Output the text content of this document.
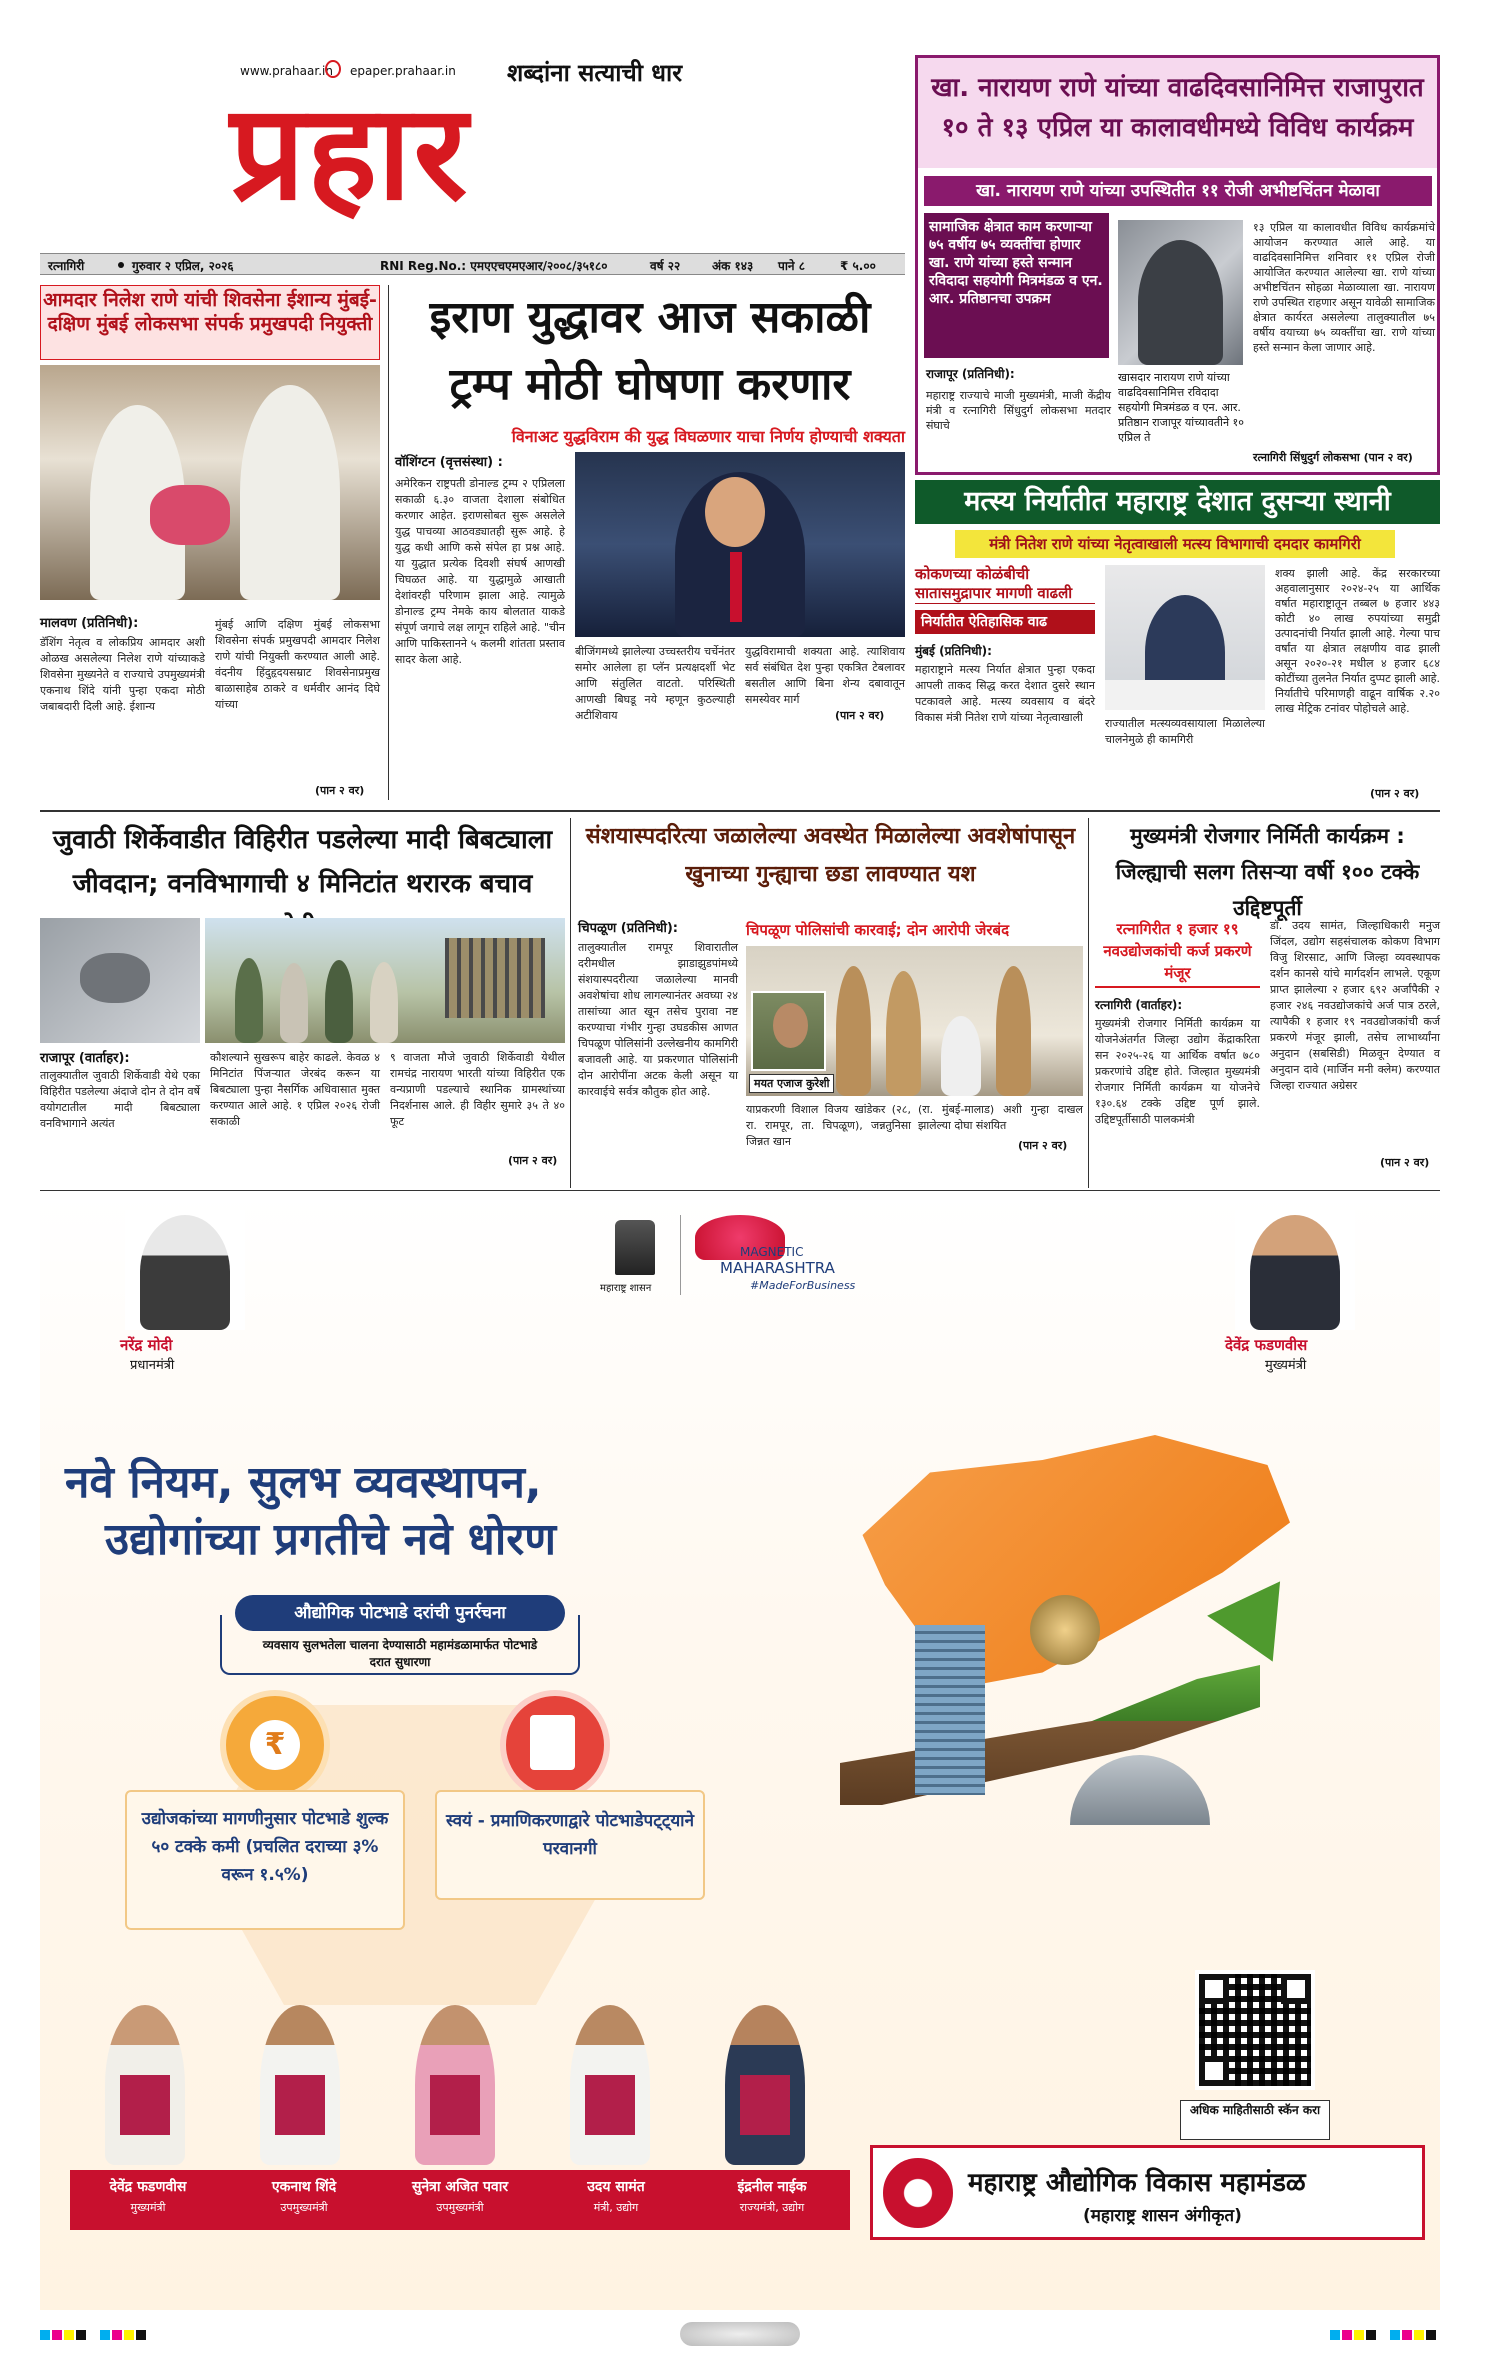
www.prahaar.in epaper.prahaar.in शब्दांना सत्याची धार
प्रहार
रत्नागिरी	गुरुवार २ एप्रिल, २०२६	RNI Reg.No.: एमएएचएमएआर/२००८/३५१८०	वर्ष २२	अंक १४३ पाने ८	₹ ५.००
खा. नारायण राणे यांच्या वाढदिवसानिमित्त राजापुरात १० ते १३ एप्रिल या कालावधीमध्ये विविध कार्यक्रम
खा. नारायण राणे यांच्या उपस्थितीत ११ रोजी अभीष्टचिंतन मेळावा
सामाजिक क्षेत्रात काम करणाऱ्या ७५ वर्षीय ७५ व्यक्तींचा होणार खा. राणे यांच्या हस्ते सन्मान रविदादा सहयोगी मित्रमंडळ व एन. आर. प्रतिष्ठानचा उपक्रम
खासदार नारायण राणे यांच्या वाढदिवसानिमित्त रविदादा सहयोगी मित्रमंडळ व एन. आर. प्रतिष्ठान राजापूर यांच्यावतीने १० एप्रिल ते
राजापूर (प्रतिनिधी):
महाराष्ट्र राज्याचे माजी मुख्यमंत्री, माजी केंद्रीय मंत्री व रत्नागिरी सिंधुदुर्ग लोकसभा मतदार संघाचे
१३ एप्रिल या कालावधीत विविध कार्यक्रमांचे आयोजन करण्यात आले आहे. या वाढदिवसानिमित्त शनिवार ११ एप्रिल रोजी आयोजित करण्यात आलेल्या खा. राणे यांच्या अभीष्टचिंतन सोहळा मेळाव्याला खा. नारायण राणे उपस्थित राहणार असून यावेळी सामाजिक क्षेत्रात कार्यरत असलेल्या तालुक्यातील ७५ वर्षीय वयाच्या ७५ व्यक्तींचा खा. राणे यांच्या हस्ते सन्मान केला जाणार आहे.
रत्नागिरी सिंधुदुर्ग लोकसभा (पान २ वर)
आमदार निलेश राणे यांची शिवसेना ईशान्य मुंबई-दक्षिण मुंबई लोकसभा संपर्क प्रमुखपदी नियुक्ती
मालवण (प्रतिनिधी):
डॅशिंग नेतृत्व व लोकप्रिय आमदार अशी ओळख असलेल्या निलेश राणे यांच्याकडे शिवसेना मुख्यनेते व राज्याचे उपमुख्यमंत्री एकनाथ शिंदे यांनी पुन्हा एकदा मोठी जबाबदारी दिली आहे. ईशान्य
मुंबई आणि दक्षिण मुंबई लोकसभा शिवसेना संपर्क प्रमुखपदी आमदार निलेश राणे यांची नियुक्ती करण्यात आली आहे. वंदनीय हिंदुहृदयसम्राट शिवसेनाप्रमुख बाळासाहेब ठाकरे व धर्मवीर आनंद दिघे यांच्या
(पान २ वर)
इराण युद्धावर आज सकाळी
ट्रम्प मोठी घोषणा करणार
विनाअट युद्धविराम की युद्ध विघळणार याचा निर्णय होण्याची शक्यता
वॉशिंग्टन (वृत्तसंस्था) :
अमेरिकन राष्ट्रपती डोनाल्ड ट्रम्प २ एप्रिलला सकाळी ६.३० वाजता देशाला संबोधित करणार आहेत. इराणसोबत सुरू असलेले युद्ध पाचव्या आठवड्यातही सुरू आहे. हे युद्ध कधी आणि कसे संपेल हा प्रश्न आहे. या युद्धात प्रत्येक दिवशी संघर्ष आणखी चिघळत आहे. या युद्धामुळे आखाती देशांवरही परिणाम झाला आहे. त्यामुळे डोनाल्ड ट्रम्प नेमके काय बोलतात याकडे संपूर्ण जगाचे लक्ष लागून राहिले आहे. "चीन आणि पाकिस्तानने ५ कलमी शांतता प्रस्ताव सादर केला आहे.
बीजिंगमध्ये झालेल्या उच्चस्तरीय चर्चेनंतर समोर आलेला हा प्लॅन प्रत्यक्षदर्शी भेट आणि संतुलित वाटतो. परिस्थिती आणखी बिघडू नये म्हणून कुठल्याही अटीशिवाय
युद्धविरामाची शक्यता आहे. त्याशिवाय सर्व संबंधित देश पुन्हा एकत्रित टेबलावर बसतील आणि बिना शेन्य दबावातून समस्येवर मार्ग
(पान २ वर)
मत्स्य निर्यातीत महाराष्ट्र देशात दुसऱ्या स्थानी
मंत्री नितेश राणे यांच्या नेतृत्वाखाली मत्स्य विभागाची दमदार कामगिरी
कोकणच्या कोळंबीची सातासमुद्रापार मागणी वाढली
निर्यातीत ऐतिहासिक वाढ
मुंबई (प्रतिनिधी):
महाराष्ट्राने मत्स्य निर्यात क्षेत्रात पुन्हा एकदा आपली ताकद सिद्ध करत देशात दुसरे स्थान पटकावले आहे. मत्स्य व्यवसाय व बंदरे विकास मंत्री नितेश राणे यांच्या नेतृत्वाखाली	राज्यातील मत्स्यव्यवसायाला मिळालेल्या चालनेमुळे ही कामगिरी
शक्य झाली आहे. केंद्र सरकारच्या अहवालानुसार २०२४-२५ या आर्थिक वर्षात महाराष्ट्रातून तब्बल ७ हजार ४४३ कोटी ४० लाख रुपयांच्या समुद्री उत्पादनांची निर्यात झाली आहे. गेल्या पाच वर्षांत या क्षेत्रात लक्षणीय वाढ झाली असून २०२०-२१ मधील ४ हजार ६८४ कोटींच्या तुलनेत निर्यात दुप्पट झाली आहे. निर्यातीचे परिमाणही वाढून वार्षिक २.२० लाख मेट्रिक टनांवर पोहोचले आहे.
(पान २ वर)
जुवाठी शिर्केवाडीत विहिरीत पडलेल्या मादी बिबट्याला जीवदान; वनविभागाची ४ मिनिटांत थरारक बचाव
राजापूर (वार्ताहर):
तालुक्यातील जुवाठी शिर्केवाडी येथे एका विहिरीत पडलेल्या अंदाजे दोन ते दोन वर्षे वयोगटातील मादी बिबट्याला वनविभागाने अत्यंत
कौशल्याने सुखरूप बाहेर काढले. केवळ ४ मिनिटांत पिंजऱ्यात जेरबंद करून या बिबट्याला पुन्हा नैसर्गिक अधिवासात मुक्त करण्यात आले आहे. १ एप्रिल २०२६ रोजी सकाळी
९ वाजता मौजे जुवाठी शिर्केवाडी येथील रामचंद्र नारायण भारती यांच्या विहिरीत एक वन्यप्राणी पडल्याचे स्थानिक ग्रामस्थांच्या निदर्शनास आले. ही विहीर सुमारे ३५ ते ४० फूट
(पान २ वर)
संशयास्पदरित्या जळालेल्या अवस्थेत मिळालेल्या अवशेषांपासून खुनाच्या गुन्ह्याचा छडा लावण्यात यश
चिपळूण (प्रतिनिधी):
तालुक्यातील रामपूर शिवारातील दरीमधील झाडाझुडपांमध्ये संशयास्पदरीत्या जळालेल्या मानवी अवशेषांचा शोध लागल्यानंतर अवघ्या २४ तासांच्या आत खून तसेच पुरावा नष्ट करण्याचा गंभीर गुन्हा उघडकीस आणत चिपळूण पोलिसांनी उल्लेखनीय कामगिरी बजावली आहे. या प्रकरणात पोलिसांनी दोन आरोपींना अटक केली असून या कारवाईचे सर्वत्र कौतुक होत आहे.
चिपळूण पोलिसांची कारवाई; दोन आरोपी जेरबंद
मयत एजाज कुरेशी
याप्रकरणी विशाल विजय खांडेकर (२८, रा. रामपूर, ता. चिपळूण), जन्नतुनिसा जिन्नत खान
(रा. मुंबई-मालाड) अशी गुन्हा दाखल झालेल्या दोघा संशयित
(पान २ वर)
मुख्यमंत्री रोजगार निर्मिती कार्यक्रम : जिल्ह्याची सलग तिसऱ्या वर्षी १०० टक्के उद्दिष्टपूर्ती
रत्नागिरीत १ हजार १९ नवउद्योजकांची कर्ज प्रकरणे मंजूर
रत्नागिरी (वार्ताहर):
मुख्यमंत्री रोजगार निर्मिती कार्यक्रम या योजनेअंतर्गत जिल्हा उद्योग केंद्राकरिता सन २०२५-२६ या आर्थिक वर्षात ७८० प्रकरणांचे उद्दिष्ट होते. जिल्हात मुख्यमंत्री रोजगार निर्मिती कार्यक्रम या योजनेचे १३०.६४ टक्के उद्दिष्ट पूर्ण झाले. उद्दिष्टपूर्तीसाठी पालकमंत्री
डॉ. उदय सामंत, जिल्हाधिकारी मनुज जिंदल, उद्योग सहसंचालक कोकण विभाग विजु शिरसाट, आणि जिल्हा व्यवस्थापक दर्शन कानसे यांचे मार्गदर्शन लाभले. एकूण प्राप्त झालेल्या २ हजार ६९२ अर्जांपैकी २ हजार २४६ नवउद्योजकांचे अर्ज पात्र ठरले, त्यापैकी १ हजार १९ नवउद्योजकांची कर्ज प्रकरणे मंजूर झाली, तसेच लाभार्थ्यांना अनुदान (सबसिडी) मिळवून देण्यात व अनुदान दावे (मार्जिन मनी क्लेम) करण्यात जिल्हा राज्यात अग्रेसर
(पान २ वर)
महाराष्ट्र शासन
MAGNETIC
MAHARASHTRA
#MadeForBusiness
नरेंद्र मोदी
प्रधानमंत्री
देवेंद्र फडणवीस
मुख्यमंत्री
नवे नियम, सुलभ व्यवस्थापन,
उद्योगांच्या प्रगतीचे नवे धोरण
औद्योगिक पोटभाडे दरांची पुनर्रचना
व्यवसाय सुलभतेला चालना देण्यासाठी महामंडळामार्फत पोटभाडे दरात सुधारणा
₹
उद्योजकांच्या मागणीनुसार पोटभाडे शुल्क ५० टक्के कमी (प्रचलित दराच्या ३% वरून १.५%)
स्वयं - प्रमाणिकरणाद्वारे पोटभाडेपट्ट्याने परवानगी
अधिक माहितीसाठी स्कॅन करा
देवेंद्र फडणवीस
मुख्यमंत्री
एकनाथ शिंदे
उपमुख्यमंत्री
सुनेत्रा अजित पवार
उपमुख्यमंत्री
उदय सामंत
मंत्री, उद्योग
इंद्रनील नाईक
राज्यमंत्री, उद्योग
महाराष्ट्र औद्योगिक विकास महामंडळ
(महाराष्ट्र शासन अंगीकृत)
